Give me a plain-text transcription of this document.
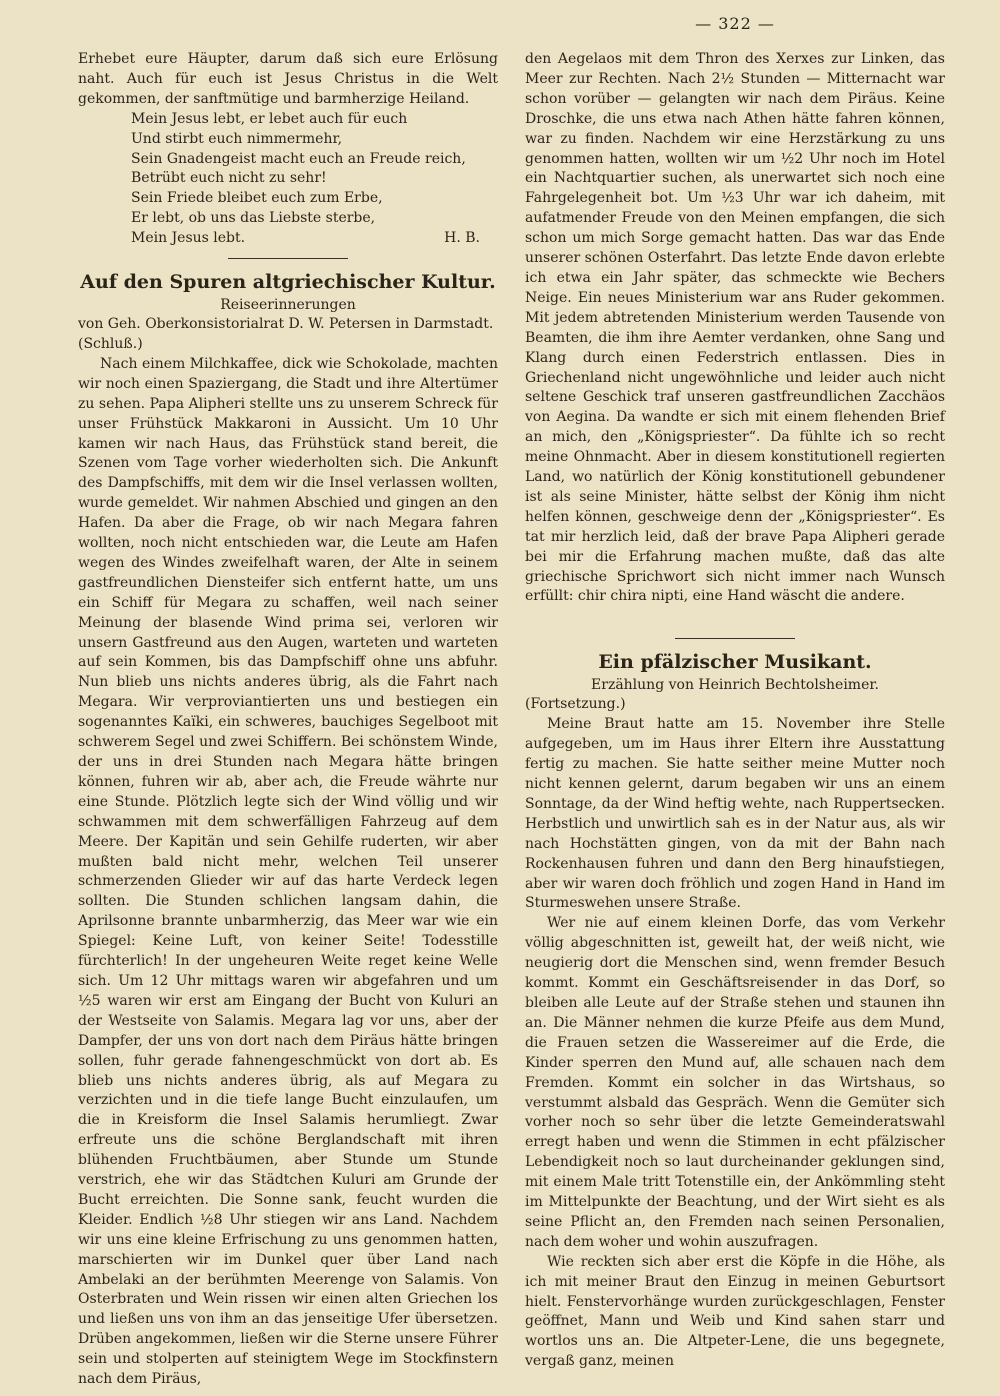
— 322 —

Erhebet eure Häupter, darum daß sich eure Erlösung naht. Auch für euch ist Jesus Christus in die Welt gekommen, der sanftmütige und barmherzige Heiland.

Mein Jesus lebt, er lebet auch für euch
Und stirbt euch nimmermehr,
Sein Gnadengeist macht euch an Freude reich,
Betrübt euch nicht zu sehr!
Sein Friede bleibet euch zum Erbe,
Er lebt, ob uns das Liebste sterbe,
Mein Jesus lebt.	H. B.
Auf den Spuren altgriechischer Kultur.
Reiseerinnerungen

von Geh. Oberkonsistorialrat D. W. Petersen in Darmstadt.

(Schluß.)

Nach einem Milchkaffee, dick wie Schokolade, machten wir noch einen Spaziergang, die Stadt und ihre Altertümer zu sehen. Papa Alipheri stellte uns zu unserem Schreck für unser Frühstück Makkaroni in Aussicht. Um 10 Uhr kamen wir nach Haus, das Frühstück stand bereit, die Szenen vom Tage vorher wiederholten sich. Die Ankunft des Dampfschiffs, mit dem wir die Insel verlassen wollten, wurde gemeldet. Wir nahmen Abschied und gingen an den Hafen. Da aber die Frage, ob wir nach Megara fahren wollten, noch nicht entschieden war, die Leute am Hafen wegen des Windes zweifelhaft waren, der Alte in seinem gastfreundlichen Diensteifer sich entfernt hatte, um uns ein Schiff für Megara zu schaffen, weil nach seiner Meinung der blasende Wind prima sei, verloren wir unsern Gastfreund aus den Augen, warteten und warteten auf sein Kommen, bis das Dampfschiff ohne uns abfuhr. Nun blieb uns nichts anderes übrig, als die Fahrt nach Megara. Wir verproviantierten uns und bestiegen ein sogenanntes Kaïki, ein schweres, bauchiges Segelboot mit schwerem Segel und zwei Schiffern. Bei schönstem Winde, der uns in drei Stunden nach Megara hätte bringen können, fuhren wir ab, aber ach, die Freude währte nur eine Stunde. Plötzlich legte sich der Wind völlig und wir schwammen mit dem schwerfälligen Fahrzeug auf dem Meere. Der Kapitän und sein Gehilfe ruderten, wir aber mußten bald nicht mehr, welchen Teil unserer schmerzenden Glieder wir auf das harte Verdeck legen sollten. Die Stunden schlichen langsam dahin, die Aprilsonne brannte unbarmherzig, das Meer war wie ein Spiegel: Keine Luft, von keiner Seite! Todesstille fürchterlich! In der ungeheuren Weite reget keine Welle sich. Um 12 Uhr mittags waren wir abgefahren und um ½5 waren wir erst am Eingang der Bucht von Kuluri an der Westseite von Salamis. Megara lag vor uns, aber der Dampfer, der uns von dort nach dem Piräus hätte bringen sollen, fuhr gerade fahnengeschmückt von dort ab. Es blieb uns nichts anderes übrig, als auf Megara zu verzichten und in die tiefe lange Bucht einzulaufen, um die in Kreisform die Insel Salamis herumliegt. Zwar erfreute uns die schöne Berglandschaft mit ihren blühenden Fruchtbäumen, aber Stunde um Stunde verstrich, ehe wir das Städtchen Kuluri am Grunde der Bucht erreichten. Die Sonne sank, feucht wurden die Kleider. Endlich ½8 Uhr stiegen wir ans Land. Nachdem wir uns eine kleine Erfrischung zu uns genommen hatten, marschierten wir im Dunkel quer über Land nach Ambelaki an der berühmten Meerenge von Salamis. Von Osterbraten und Wein rissen wir einen alten Griechen los und ließen uns von ihm an das jenseitige Ufer übersetzen. Drüben angekommen, ließen wir die Sterne unsere Führer sein und stolperten auf steinigtem Wege im Stockfinstern nach dem Piräus,

den Aegelaos mit dem Thron des Xerxes zur Linken, das Meer zur Rechten. Nach 2½ Stunden — Mitternacht war schon vorüber — gelangten wir nach dem Piräus. Keine Droschke, die uns etwa nach Athen hätte fahren können, war zu finden. Nachdem wir eine Herzstärkung zu uns genommen hatten, wollten wir um ½2 Uhr noch im Hotel ein Nachtquartier suchen, als unerwartet sich noch eine Fahrgelegenheit bot. Um ½3 Uhr war ich daheim, mit aufatmender Freude von den Meinen empfangen, die sich schon um mich Sorge gemacht hatten. Das war das Ende unserer schönen Osterfahrt. Das letzte Ende davon erlebte ich etwa ein Jahr später, das schmeckte wie Bechers Neige. Ein neues Ministerium war ans Ruder gekommen. Mit jedem abtretenden Ministerium werden Tausende von Beamten, die ihm ihre Aemter verdanken, ohne Sang und Klang durch einen Federstrich entlassen. Dies in Griechenland nicht ungewöhnliche und leider auch nicht seltene Geschick traf unseren gastfreundlichen Zacchäos von Aegina. Da wandte er sich mit einem flehenden Brief an mich, den „Königspriester“. Da fühlte ich so recht meine Ohnmacht. Aber in diesem konstitutionell regierten Land, wo natürlich der König konstitutionell gebundener ist als seine Minister, hätte selbst der König ihm nicht helfen können, geschweige denn der „Königspriester“. Es tat mir herzlich leid, daß der brave Papa Alipheri gerade bei mir die Erfahrung machen mußte, daß das alte griechische Sprichwort sich nicht immer nach Wunsch erfüllt: chir chira nipti, eine Hand wäscht die andere.

Ein pfälzischer Musikant.
Erzählung von Heinrich Bechtolsheimer.

(Fortsetzung.)

Meine Braut hatte am 15. November ihre Stelle aufgegeben, um im Haus ihrer Eltern ihre Ausstattung fertig zu machen. Sie hatte seither meine Mutter noch nicht kennen gelernt, darum begaben wir uns an einem Sonntage, da der Wind heftig wehte, nach Ruppertsecken. Herbstlich und unwirtlich sah es in der Natur aus, als wir nach Hochstätten gingen, von da mit der Bahn nach Rockenhausen fuhren und dann den Berg hinaufstiegen, aber wir waren doch fröhlich und zogen Hand in Hand im Sturmeswehen unsere Straße.

Wer nie auf einem kleinen Dorfe, das vom Verkehr völlig abgeschnitten ist, geweilt hat, der weiß nicht, wie neugierig dort die Menschen sind, wenn fremder Besuch kommt. Kommt ein Geschäftsreisender in das Dorf, so bleiben alle Leute auf der Straße stehen und staunen ihn an. Die Männer nehmen die kurze Pfeife aus dem Mund, die Frauen setzen die Wassereimer auf die Erde, die Kinder sperren den Mund auf, alle schauen nach dem Fremden. Kommt ein solcher in das Wirtshaus, so verstummt alsbald das Gespräch. Wenn die Gemüter sich vorher noch so sehr über die letzte Gemeinderatswahl erregt haben und wenn die Stimmen in echt pfälzischer Lebendigkeit noch so laut durcheinander geklungen sind, mit einem Male tritt Totenstille ein, der Ankömmling steht im Mittelpunkte der Beachtung, und der Wirt sieht es als seine Pflicht an, den Fremden nach seinen Personalien, nach dem woher und wohin auszufragen.

Wie reckten sich aber erst die Köpfe in die Höhe, als ich mit meiner Braut den Einzug in meinen Geburtsort hielt. Fenstervorhänge wurden zurückgeschlagen, Fenster geöffnet, Mann und Weib und Kind sahen starr und wortlos uns an. Die Altpeter-Lene, die uns begegnete, vergaß ganz, meinen
